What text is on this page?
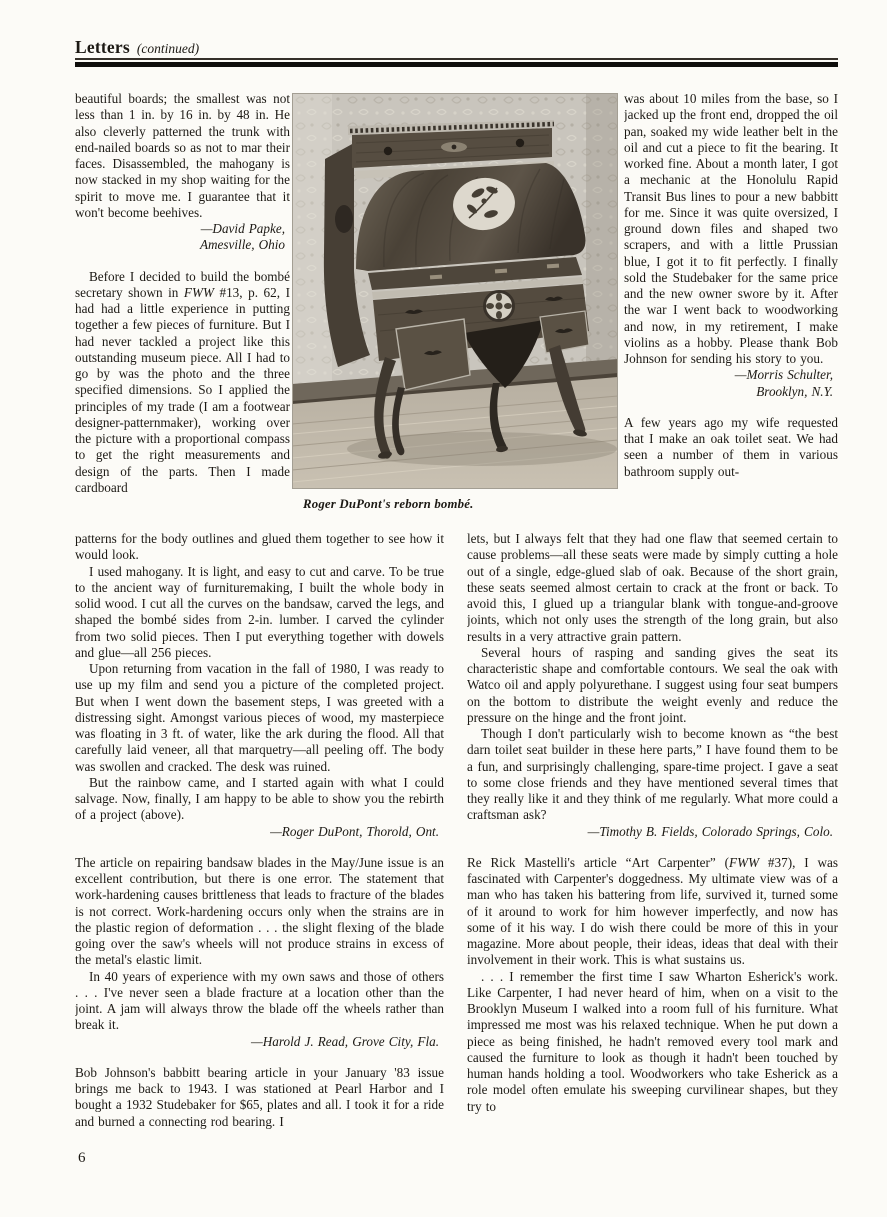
Letters (continued)

beautiful boards; the smallest was not less than 1 in. by 16 in. by 48 in. He also cleverly patterned the trunk with end-nailed boards so as not to mar their faces. Disassembled, the mahogany is now stacked in my shop waiting for the spirit to move me. I guarantee that it won't become beehives.

—David Papke,
Amesville, Ohio

Before I decided to build the bombé secretary shown in FWW #13, p. 62, I had had a little experience in putting together a few pieces of furniture. But I had never tackled a project like this outstanding museum piece. All I had to go by was the photo and the three specified dimensions. So I applied the principles of my trade (I am a footwear designer-patternmaker), working over the picture with a proportional compass to get the right measurements and design of the parts. Then I made cardboard

was about 10 miles from the base, so I jacked up the front end, dropped the oil pan, soaked my wide leather belt in the oil and cut a piece to fit the bearing. It worked fine. About a month later, I got a mechanic at the Honolulu Rapid Transit Bus lines to pour a new babbitt for me. Since it was quite oversized, I ground down files and shaped two scrapers, and with a little Prussian blue, I got it to fit perfectly. I finally sold the Studebaker for the same price and the new owner swore by it. After the war I went back to woodworking and now, in my retirement, I make violins as a hobby. Please thank Bob Johnson for sending his story to you.

—Morris Schulter,
Brooklyn, N.Y.

A few years ago my wife requested that I make an oak toilet seat. We had seen a number of them in various bathroom supply out-

patterns for the body outlines and glued them together to see how it would look.

I used mahogany. It is light, and easy to cut and carve. To be true to the ancient way of furnituremaking, I built the whole body in solid wood. I cut all the curves on the bandsaw, carved the legs, and shaped the bombé sides from 2-in. lumber. I carved the cylinder from two solid pieces. Then I put everything together with dowels and glue—all 256 pieces.

Upon returning from vacation in the fall of 1980, I was ready to use up my film and send you a picture of the completed project. But when I went down the basement steps, I was greeted with a distressing sight. Amongst various pieces of wood, my masterpiece was floating in 3 ft. of water, like the ark during the flood. All that carefully laid veneer, all that marquetry—all peeling off. The body was swollen and cracked. The desk was ruined.

But the rainbow came, and I started again with what I could salvage. Now, finally, I am happy to be able to show you the rebirth of a project (above).

—Roger DuPont, Thorold, Ont.

The article on repairing bandsaw blades in the May/June issue is an excellent contribution, but there is one error. The statement that work-hardening causes brittleness that leads to fracture of the blades is not correct. Work-hardening occurs only when the strains are in the plastic region of deformation . . . the slight flexing of the blade going over the saw's wheels will not produce strains in excess of the metal's elastic limit.

In 40 years of experience with my own saws and those of others . . . I've never seen a blade fracture at a location other than the joint. A jam will always throw the blade off the wheels rather than break it.

—Harold J. Read, Grove City, Fla.

Bob Johnson's babbitt bearing article in your January '83 issue brings me back to 1943. I was stationed at Pearl Harbor and I bought a 1932 Studebaker for $65, plates and all. I took it for a ride and burned a connecting rod bearing. I

lets, but I always felt that they had one flaw that seemed certain to cause problems—all these seats were made by simply cutting a hole out of a single, edge-glued slab of oak. Because of the short grain, these seats seemed almost certain to crack at the front or back. To avoid this, I glued up a triangular blank with tongue-and-groove joints, which not only uses the strength of the long grain, but also results in a very attractive grain pattern.

Several hours of rasping and sanding gives the seat its characteristic shape and comfortable contours. We seal the oak with Watco oil and apply polyurethane. I suggest using four seat bumpers on the bottom to distribute the weight evenly and reduce the pressure on the hinge and the front joint.

Though I don't particularly wish to become known as “the best darn toilet seat builder in these here parts,” I have found them to be a fun, and surprisingly challenging, spare-time project. I gave a seat to some close friends and they have mentioned several times that they really like it and they think of me regularly. What more could a craftsman ask?

—Timothy B. Fields, Colorado Springs, Colo.

Re Rick Mastelli's article “Art Carpenter” (FWW #37), I was fascinated with Carpenter's doggedness. My ultimate view was of a man who has taken his battering from life, survived it, turned some of it around to work for him however imperfectly, and now has some of it his way. I do wish there could be more of this in your magazine. More about people, their ideas, ideas that deal with their involvement in their work. This is what sustains us.

. . . I remember the first time I saw Wharton Esherick's work. Like Carpenter, I had never heard of him, when on a visit to the Brooklyn Museum I walked into a room full of his furniture. What impressed me most was his relaxed technique. When he put down a piece as being finished, he hadn't removed every tool mark and caused the furniture to look as though it hadn't been touched by human hands holding a tool. Woodworkers who take Esherick as a role model often emulate his sweeping curvilinear shapes, but they try to

Roger DuPont's reborn bombé.
6
